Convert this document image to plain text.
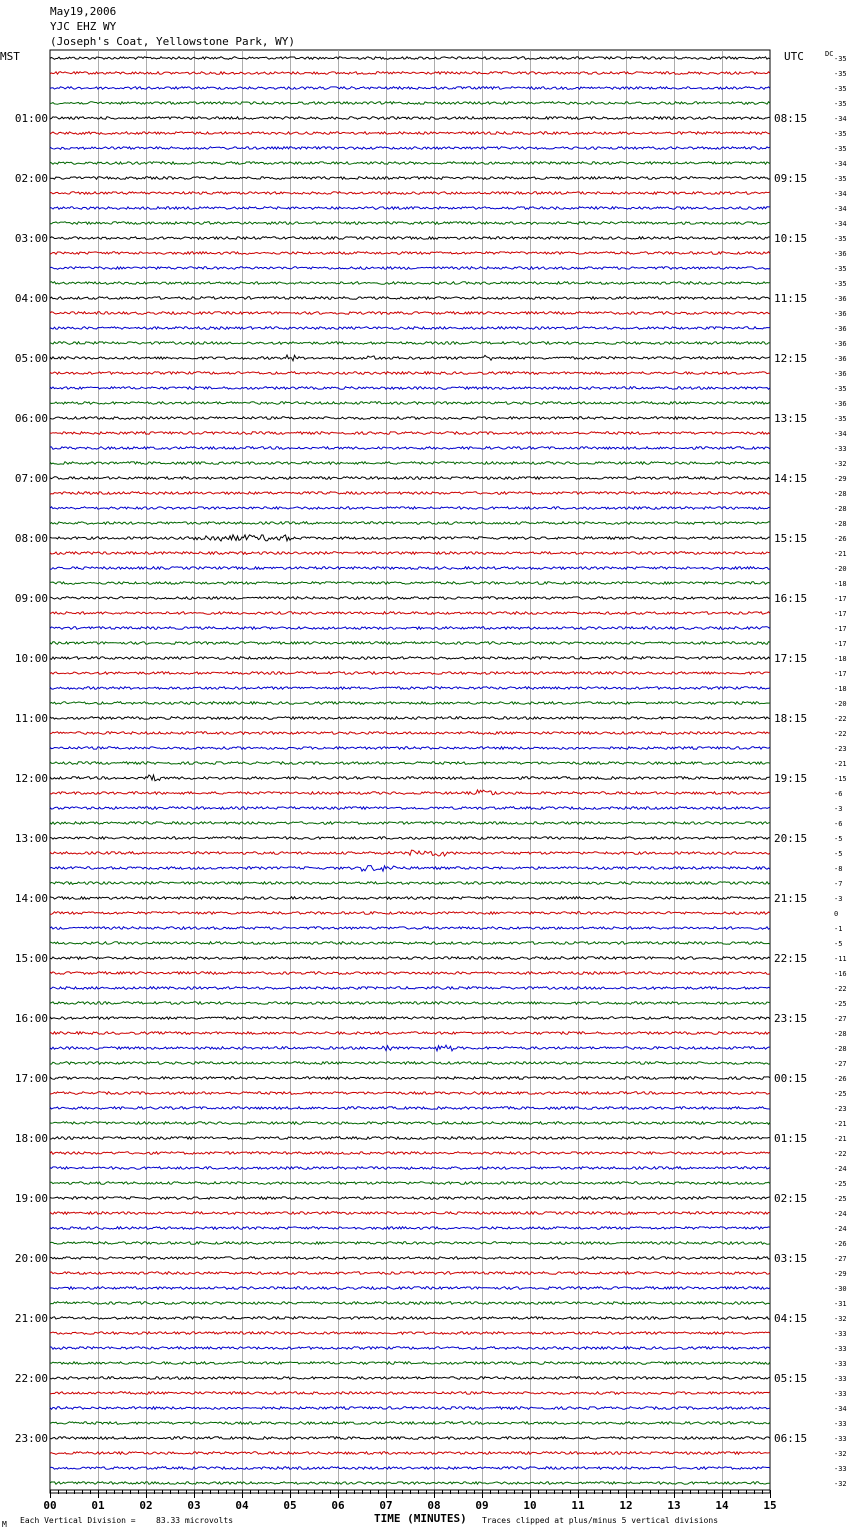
May19,2006
YJC EHZ WY
(Joseph's Coat, Yellowstone Park, WY)
MST	UTC	DC
-35
-35
-35
-35
-34
-35
-35
-34
-35
-34
-34
-34
-35
-36
-35
-35
-36
-36
-36
-36
-36
-36
-35
-36
-35
-34
-33
-32
-29
-28
-28
-28
-26
-21
-20
-18
-17
-17
-17
-17
-18
-17
-18
-20
-22
-22
-23
-21
-15
-6
-3
-6
-5
-5
-8
-7
-3
0
-1
-5
-11
-16
-22
-25
-27
-28
-28
-27
-26
-25
-23
-21
-21
-22
-24
-25
-25
-24
-24
-26
-27
-29
-30
-31
-32
-33
-33
-33
-33
-33
-34
-33
-33
-32
-33
-32
01:00
02:00
03:00
04:00
05:00
06:00
07:00
08:00
09:00
10:00
11:00
12:00
13:00
14:00
15:00
16:00
17:00
18:00
19:00
20:00
21:00
22:00
23:00
08:15
09:15
10:15
11:15
12:15
13:15
14:15
15:15
16:15
17:15
18:15
19:15
20:15
21:15
22:15
23:15
00:15
01:15
02:15
03:15
04:15
05:15
06:15
00	01	02	03	04	05	06	07	08	09	10	11	12	13	14	15
TIME (MINUTES)
M Each Vertical Division =	83.33 microvolts	Traces clipped at plus/minus 5 vertical divisions
